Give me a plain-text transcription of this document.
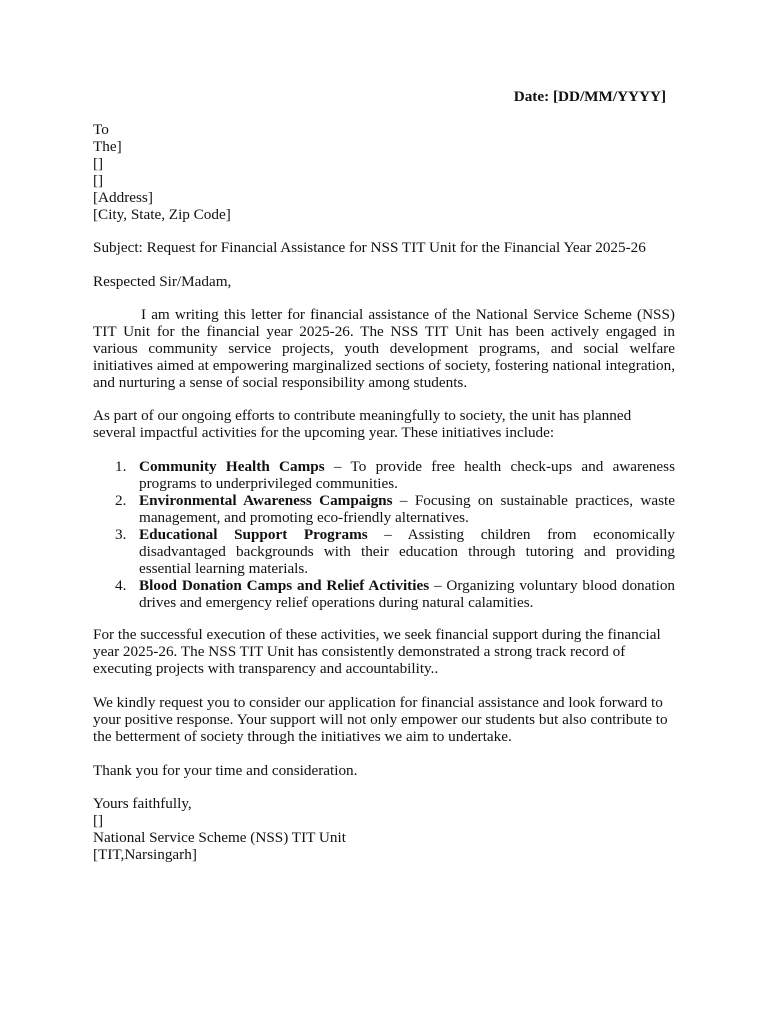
Date: [DD/MM/YYYY]
To
The]
[]
[]
[Address]
[City, State, Zip Code]

Subject: Request for Financial Assistance for NSS TIT Unit for the Financial Year 2025-26

Respected Sir/Madam,

I am writing this letter for financial assistance of the National Service Scheme (NSS) TIT Unit for the financial year 2025-26. The NSS TIT Unit has been actively engaged in various community service projects, youth development programs, and social welfare initiatives aimed at empowering marginalized sections of society, fostering national integration, and nurturing a sense of social responsibility among students.

As part of our ongoing efforts to contribute meaningfully to society, the unit has planned several impactful activities for the upcoming year. These initiatives include:

1. Community Health Camps – To provide free health check-ups and awareness programs to underprivileged communities.
2. Environmental Awareness Campaigns – Focusing on sustainable practices, waste management, and promoting eco-friendly alternatives.
3. Educational Support Programs – Assisting children from economically disadvantaged backgrounds with their education through tutoring and providing essential learning materials.
4. Blood Donation Camps and Relief Activities – Organizing voluntary blood donation drives and emergency relief operations during natural calamities.

For the successful execution of these activities, we seek financial support during the financial year 2025-26. The NSS TIT Unit has consistently demonstrated a strong track record of executing projects with transparency and accountability..

We kindly request you to consider our application for financial assistance and look forward to your positive response. Your support will not only empower our students but also contribute to the betterment of society through the initiatives we aim to undertake.

Thank you for your time and consideration.

Yours faithfully,
[]
National Service Scheme (NSS) TIT Unit
[TIT,Narsingarh]
